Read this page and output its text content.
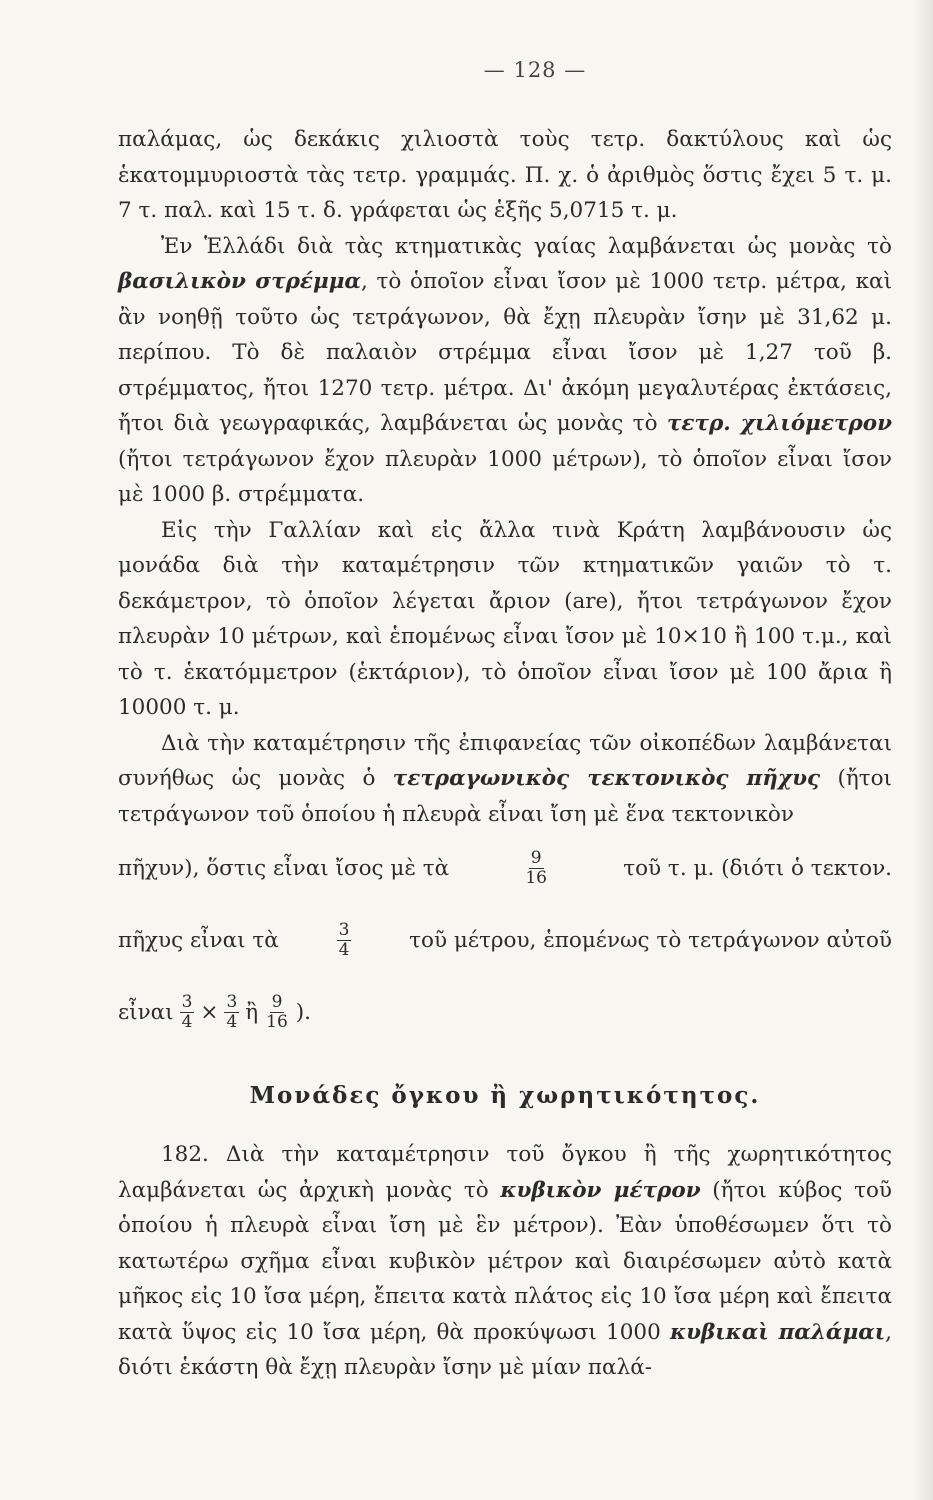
— 128 —

παλάμας, ὡς δεκάκις χιλιοστὰ τοὺς τετρ. δακτύλους καὶ ὡς ἑκατομμυριοστὰ τὰς τετρ. γραμμάς. Π. χ. ὁ ἀριθμὸς ὅστις ἔχει 5 τ. μ. 7 τ. παλ. καὶ 15 τ. δ. γράφεται ὡς ἑξῆς 5,0715 τ. μ.

Ἐν Ἑλλάδι διὰ τὰς κτηματικὰς γαίας λαμβάνεται ὡς μονὰς τὸ βασιλικὸν στρέμμα, τὸ ὁποῖον εἶναι ἴσον μὲ 1000 τετρ. μέτρα, καὶ ἂν νοηθῇ τοῦτο ὡς τετράγωνον, θὰ ἔχῃ πλευρὰν ἴσην μὲ 31,62 μ. περίπου. Τὸ δὲ παλαιὸν στρέμμα εἶναι ἴσον μὲ 1,27 τοῦ β. στρέμματος, ἤτοι 1270 τετρ. μέτρα. Δι' ἀκόμη μεγαλυτέρας ἐκτάσεις, ἤτοι διὰ γεωγραφικάς, λαμβάνεται ὡς μονὰς τὸ τετρ. χιλιόμετρον (ἤτοι τετράγωνον ἔχον πλευρὰν 1000 μέτρων), τὸ ὁποῖον εἶναι ἴσον μὲ 1000 β. στρέμματα.

Εἰς τὴν Γαλλίαν καὶ εἰς ἄλλα τινὰ Κράτη λαμβάνουσιν ὡς μονάδα διὰ τὴν καταμέτρησιν τῶν κτηματικῶν γαιῶν τὸ τ. δεκάμετρον, τὸ ὁποῖον λέγεται ἄριον (are), ἤτοι τετράγωνον ἔχον πλευρὰν 10 μέτρων, καὶ ἑπομένως εἶναι ἴσον μὲ 10×10 ἢ 100 τ.μ., καὶ τὸ τ. ἑκατόμμετρον (ἑκτάριον), τὸ ὁποῖον εἶναι ἴσον μὲ 100 ἄρια ἢ 10000 τ. μ.

Διὰ τὴν καταμέτρησιν τῆς ἐπιφανείας τῶν οἰκοπέδων λαμβάνεται συνήθως ὡς μονὰς ὁ τετραγωνικὸς τεκτονικὸς πῆχυς (ἤτοι τετράγωνον τοῦ ὁποίου ἡ πλευρὰ εἶναι ἴση μὲ ἕνα τεκτονικὸν

πῆχυν), ὅστις εἶναι ἴσος μὲ τὰ	$\frac{9}{16}$	τοῦ τ. μ. (διότι ὁ τεκτον.
πῆχυς εἶναι τὰ	$\frac{3}{4}$	τοῦ μέτρου, ἑπομένως τὸ τετράγωνον αὐτοῦ
εἶναι $\frac{3}{4} \times \frac{3}{4}$ ἢ $\frac{9}{16}$ ).
Μονάδες ὄγκου ἢ χωρητικότητος.

182. Διὰ τὴν καταμέτρησιν τοῦ ὄγκου ἢ τῆς χωρητικότητος λαμβάνεται ὡς ἀρχικὴ μονὰς τὸ κυβικὸν μέτρον (ἤτοι κύβος τοῦ ὁποίου ἡ πλευρὰ εἶναι ἴση μὲ ἓν μέτρον). Ἐὰν ὑποθέσωμεν ὅτι τὸ κατωτέρω σχῆμα εἶναι κυβικὸν μέτρον καὶ διαιρέσωμεν αὐτὸ κατὰ μῆκος εἰς 10 ἴσα μέρη, ἔπειτα κατὰ πλάτος εἰς 10 ἴσα μέρη καὶ ἔπειτα κατὰ ὕψος εἰς 10 ἴσα μέρη, θὰ προκύψωσι 1000 κυβικαὶ παλάμαι, διότι ἑκάστη θὰ ἔχῃ πλευρὰν ἴσην μὲ μίαν παλά-
